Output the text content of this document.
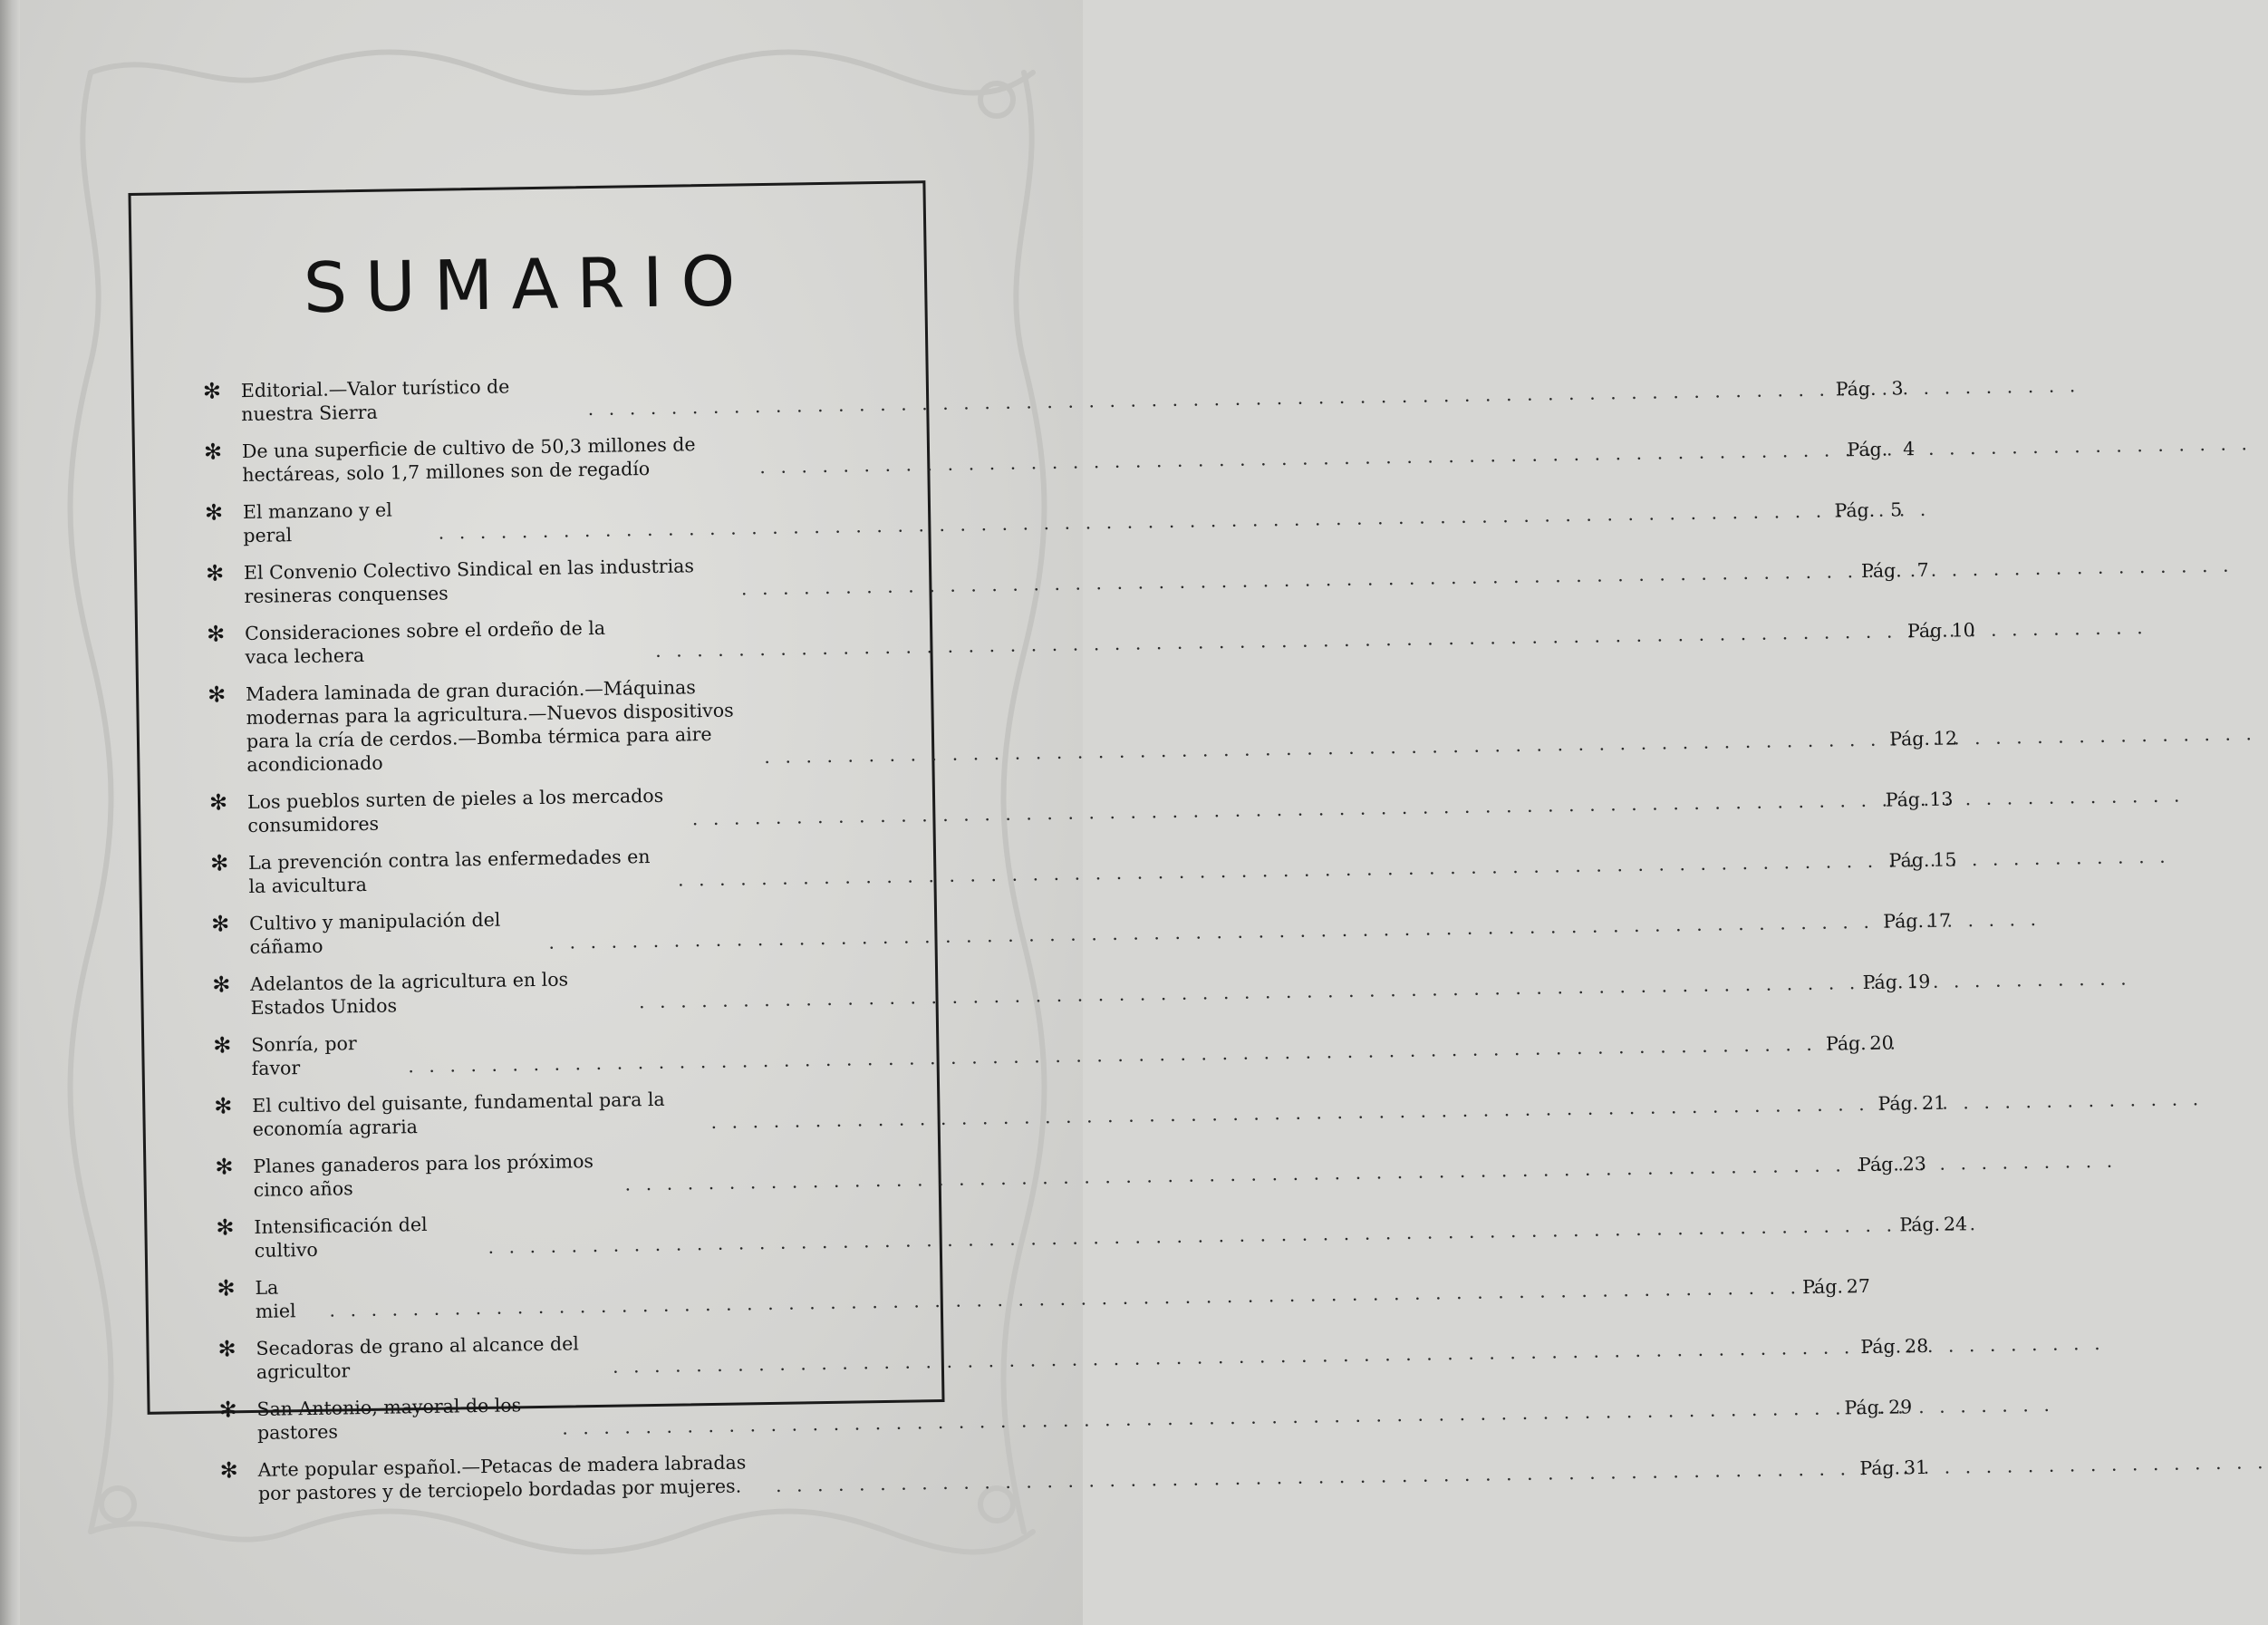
SUMARIO
✻	Editorial.—Valor turístico de nuestra Sierra
. . .
Pág. 3
✻	De una superficie de cultivo de 50,3 millones de hectáreas, solo 1,7 millones son de regadío
. . .
Pág. 4
✻	El manzano y el peral
. . .
Pág. 5
✻	El Convenio Colectivo Sindical en las industrias resineras conquenses
. . .
Pág. 7
✻	Consideraciones sobre el ordeño de la vaca lechera
. . .
Pág. 10
✻	Madera laminada de gran duración.—Máquinas modernas para la agricultura.—Nuevos dispositivos para la cría de cerdos.—Bomba térmica para aire acondicionado
. . .
Pág. 12
✻	Los pueblos surten de pieles a los mercados consumidores
. . .
Pág. 13
✻	La prevención contra las enfermedades en la avicultura
. . .
Pág. 15
✻	Cultivo y manipulación del cáñamo
. . .
Pág. 17
✻	Adelantos de la agricultura en los Estados Unidos
. . .
Pág. 19
✻	Sonría, por favor
. . .
Pág. 20
✻	El cultivo del guisante, fundamental para la economía agraria
. . .
Pág. 21
✻	Planes ganaderos para los próximos cinco años
. . .
Pág. 23
✻	Intensificación del cultivo
. . .
Pág. 24
✻	La miel
. . .
Pág. 27
✻	Secadoras de grano al alcance del agricultor
. . .
Pág. 28
✻	San Antonio, mayoral de los pastores
. . .
Pág. 29
✻	Arte popular español.—Petacas de madera labradas por pastores y de terciopelo bordadas por mujeres.
. . .
Pág. 31
